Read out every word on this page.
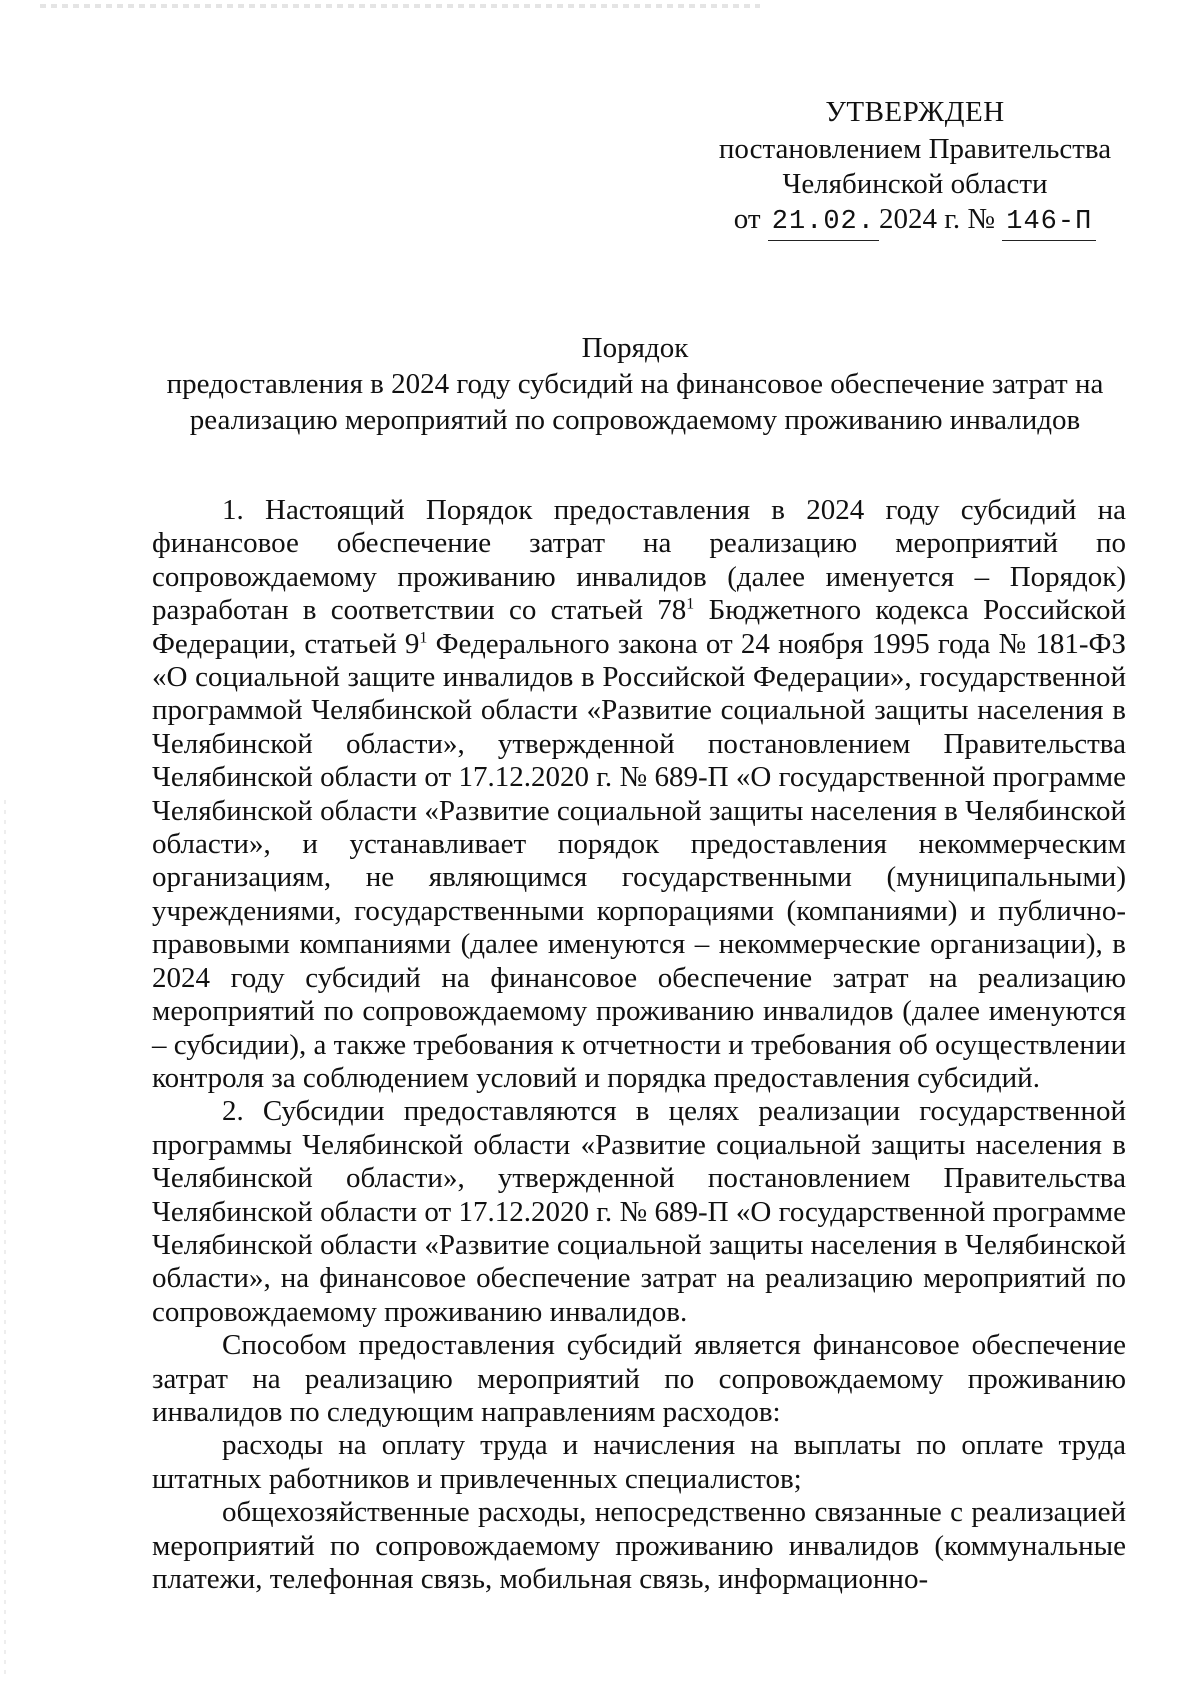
УТВЕРЖДЕН
постановлением Правительства
Челябинской области
от 21.02. 2024 г. № 146-П
Порядок
предоставления в 2024 году субсидий на финансовое обеспечение затрат на
реализацию мероприятий по сопровождаемому проживанию инвалидов

1. Настоящий Порядок предоставления в 2024 году субсидий на финансовое обеспечение затрат на реализацию мероприятий по сопровождаемому проживанию инвалидов (далее именуется – Порядок) разработан в соответствии со статьей $78^1$ Бюджетного кодекса Российской Федерации, статьей $9^1$ Федерального закона от 24 ноября 1995 года № 181-ФЗ «О социальной защите инвалидов в Российской Федерации», государственной программой Челябинской области «Развитие социальной защиты населения в Челябинской области», утвержденной постановлением Правительства Челябинской области от 17.12.2020 г. № 689-П «О государственной программе Челябинской области «Развитие социальной защиты населения в Челябинской области», и устанавливает порядок предоставления некоммерческим организациям, не являющимся государственными (муниципальными) учреждениями, государственными корпорациями (компаниями) и публично-правовыми компаниями (далее именуются – некоммерческие организации), в 2024 году субсидий на финансовое обеспечение затрат на реализацию мероприятий по сопровождаемому проживанию инвалидов (далее именуются – субсидии), а также требования к отчетности и требования об осуществлении контроля за соблюдением условий и порядка предоставления субсидий.

2. Субсидии предоставляются в целях реализации государственной программы Челябинской области «Развитие социальной защиты населения в Челябинской области», утвержденной постановлением Правительства Челябинской области от 17.12.2020 г. № 689-П «О государственной программе Челябинской области «Развитие социальной защиты населения в Челябинской области», на финансовое обеспечение затрат на реализацию мероприятий по сопровождаемому проживанию инвалидов.

Способом предоставления субсидий является финансовое обеспечение затрат на реализацию мероприятий по сопровождаемому проживанию инвалидов по следующим направлениям расходов:

расходы на оплату труда и начисления на выплаты по оплате труда штатных работников и привлеченных специалистов;

общехозяйственные расходы, непосредственно связанные с реализацией мероприятий по сопровождаемому проживанию инвалидов (коммунальные платежи, телефонная связь, мобильная связь, информационно-
